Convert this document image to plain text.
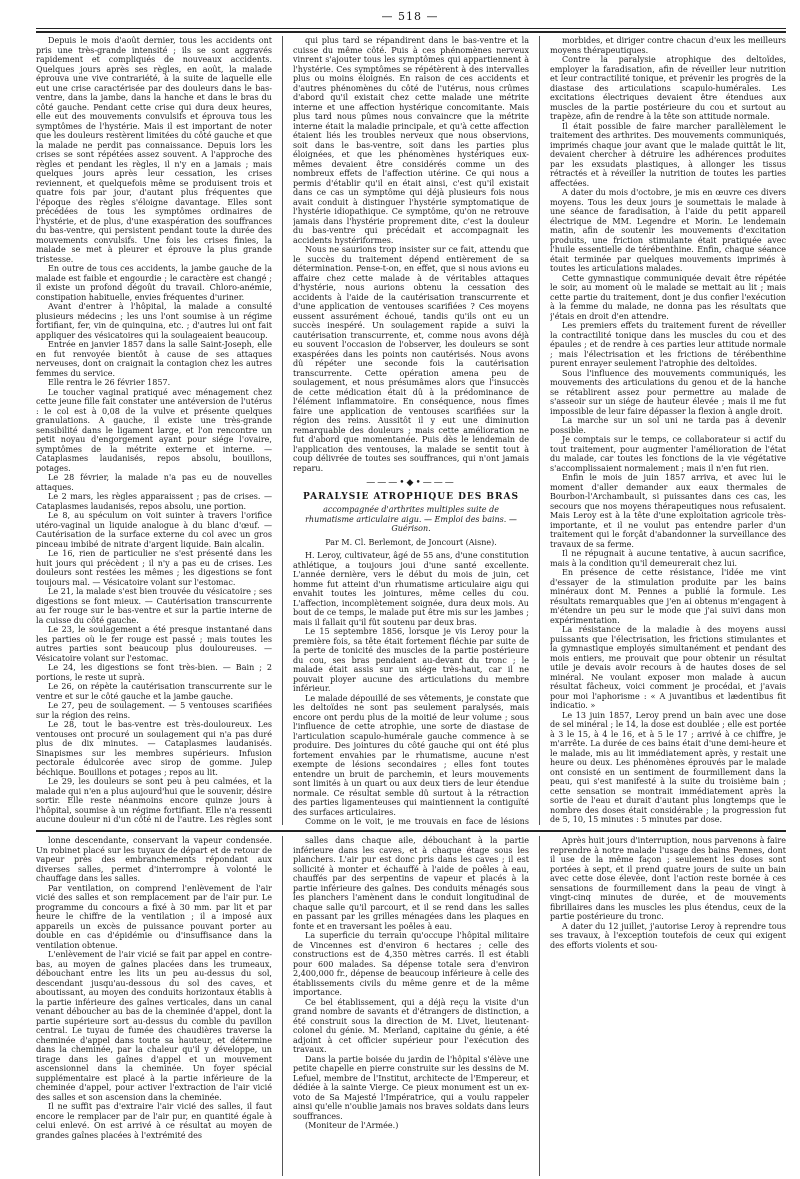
— 518 —

Depuis le mois d'août dernier, tous les accidents ont pris une très-grande intensité ; ils se sont aggravés rapidement et compliqués de nouveaux accidents. Quelques jours après ses règles, en août, la malade éprouva une vive contrariété, à la suite de laquelle elle eut une crise caractérisée par des douleurs dans le bas-ventre, dans la jambe, dans la hanche et dans le bras du côté gauche. Pendant cette crise qui dura deux heures, elle eut des mouvements convulsifs et éprouva tous les symptômes de l'hystérie. Mais il est important de noter que les douleurs restèrent limitées du côté gauche et que la malade ne perdit pas connaissance. Depuis lors les crises se sont répétées assez souvent. A l'approche des règles et pendant les règles, il n'y en a jamais ; mais quelques jours après leur cessation, les crises reviennent, et quelquefois même se produisent trois et quatre fois par jour, d'autant plus fréquentes que l'époque des règles s'éloigne davantage. Elles sont précédées de tous les symptômes ordinaires de l'hystérie, et de plus, d'une exaspération des souffrances du bas-ventre, qui persistent pendant toute la durée des mouvements convulsifs. Une fois les crises finies, la malade se met à pleurer et éprouve la plus grande tristesse.

En outre de tous ces accidents, la jambe gauche de la malade est faible et engourdie ; le caractère est changé ; il existe un profond dégoût du travail. Chloro-anémie, constipation habituelle, envies fréquentes d'uriner.

Avant d'entrer à l'hôpital, la malade a consulté plusieurs médecins ; les uns l'ont soumise à un régime fortifiant, fer, vin de quinquina, etc. ; d'autres lui ont fait appliquer des vésicatoires qui la soulageaient beaucoup.

Entrée en janvier 1857 dans la salle Saint-Joseph, elle en fut renvoyée bientôt à cause de ses attaques nerveuses, dont on craignait la contagion chez les autres femmes du service.

Elle rentra le 26 février 1857.

Le toucher vaginal pratiqué avec ménagement chez cette jeune fille fait constater une antéversion de l'utérus : le col est à 0,08 de la vulve et présente quelques granulations. A gauche, il existe une très-grande sensibilité dans le ligament large, et l'on rencontre un petit noyau d'engorgement ayant pour siége l'ovaire, symptômes de la métrite externe et interne. — Cataplasmes laudanisés, repos absolu, bouillons, potages.

Le 28 février, la malade n'a pas eu de nouvelles attaques.

Le 2 mars, les règles apparaissent ; pas de crises. — Cataplasmes laudanisés, repos absolu, une portion.

Le 8, au spéculum on voit suinter à travers l'orifice utéro-vaginal un liquide analogue à du blanc d'œuf. — Cautérisation de la surface externe du col avec un gros pinceau imbibé de nitrate d'argent liquide. Bain alcalin.

Le 16, rien de particulier ne s'est présenté dans les huit jours qui précèdent ; il n'y a pas eu de crises. Les douleurs sont restées les mêmes ; les digestions se font toujours mal. — Vésicatoire volant sur l'estomac.

Le 21, la malade s'est bien trouvée du vésicatoire ; ses digestions se font mieux. — Cautérisation transcurrente au fer rouge sur le bas-ventre et sur la partie interne de la cuisse du côté gauche.

Le 23, le soulagement a été presque instantané dans les parties où le fer rouge est passé ; mais toutes les autres parties sont beaucoup plus douloureuses. — Vésicatoire volant sur l'estomac.

Le 24, les digestions se font très-bien. — Bain ; 2 portions, le reste ut suprà.

Le 26, on répète la cautérisation transcurrente sur le ventre et sur le côté gauche et la jambe gauche.

Le 27, peu de soulagement. — 5 ventouses scarifiées sur la région des reins.

Le 28, tout le bas-ventre est très-douloureux. Les ventouses ont procuré un soulagement qui n'a pas duré plus de dix minutes. — Cataplasmes laudanisés. Sinapismes sur les membres supérieurs. Infusion pectorale édulcorée avec sirop de gomme. Julep béchique. Bouillons et potages ; repos au lit.

Le 29, les douleurs se sont peu à peu calmées, et la malade qui n'en a plus aujourd'hui que le souvenir, désire sortir. Elle reste néanmoins encore quinze jours à l'hôpital, soumise à un régime fortifiant. Elle n'a ressenti aucune douleur ni d'un côté ni de l'autre. Les règles sont

qui plus tard se répandirent dans le bas-ventre et la cuisse du même côté. Puis à ces phénomènes nerveux vinrent s'ajouter tous les symptômes qui appartiennent à l'hystérie. Ces symptômes se répétèrent à des intervalles plus ou moins éloignés. En raison de ces accidents et d'autres phénomènes du côté de l'utérus, nous crûmes d'abord qu'il existait chez cette malade une métrite interne et une affection hystérique concomitante. Mais plus tard nous pûmes nous convaincre que la métrite interne était la maladie principale, et qu'à cette affection étaient liés les troubles nerveux que nous observions, soit dans le bas-ventre, soit dans les parties plus éloignées, et que les phénomènes hystériques eux-mêmes devaient être considérés comme un des nombreux effets de l'affection utérine. Ce qui nous a permis d'établir qu'il en était ainsi, c'est qu'il existait dans ce cas un symptôme qui déjà plusieurs fois nous avait conduit à distinguer l'hystérie symptomatique de l'hystérie idiopathique. Ce symptôme, qu'on ne retrouve jamais dans l'hystérie proprement dite, c'est la douleur du bas-ventre qui précédait et accompagnait les accidents hystériformes.

Nous ne saurions trop insister sur ce fait, attendu que le succès du traitement dépend entièrement de sa détermination. Pense-t-on, en effet, que si nous avions eu affaire chez cette malade à de véritables attaques d'hystérie, nous aurions obtenu la cessation des accidents à l'aide de la cautérisation transcurrente et d'une application de ventouses scarifiées ? Ces moyens eussent assurément échoué, tandis qu'ils ont eu un succès inespéré. Un soulagement rapide a suivi la cautérisation transcurrente, et, comme nous avons déjà eu souvent l'occasion de l'observer, les douleurs se sont exaspérées dans les points non cautérisés. Nous avons dû répéter une seconde fois la cautérisation transcurrente. Cette opération amena peu de soulagement, et nous présumâmes alors que l'insuccès de cette médication était dû à la prédominance de l'élément inflammatoire. En conséquence, nous fîmes faire une application de ventouses scarifiées sur la région des reins. Aussitôt il y eut une diminution remarquable des douleurs ; mais cette amélioration ne fut d'abord que momentanée. Puis dès le lendemain de l'application des ventouses, la malade se sentit tout à coup délivrée de toutes ses souffrances, qui n'ont jamais reparu.

———•◆•———
PARALYSIE ATROPHIQUE DES BRAS
accompagnée d'arthrites multiples suite de rhumatisme articulaire aigu. — Emploi des bains. — Guérison.
Par M. Cl. Berlemont, de Joncourt (Aisne).

H. Leroy, cultivateur, âgé de 55 ans, d'une constitution athlétique, a toujours joui d'une santé excellente. L'année dernière, vers le début du mois de juin, cet homme fut atteint d'un rhumatisme articulaire aigu qui envahit toutes les jointures, même celles du cou. L'affection, incomplètement soignée, dura deux mois. Au bout de ce temps, le malade put être mis sur les jambes ; mais il fallait qu'il fût soutenu par deux bras.

Le 15 septembre 1856, lorsque je vis Leroy pour la première fois, sa tête était fortement fléchie par suite de la perte de tonicité des muscles de la partie postérieure du cou, ses bras pendaient au-devant du tronc ; le malade était assis sur un siége très-haut, car il ne pouvait ployer aucune des articulations du membre inférieur.

Le malade dépouillé de ses vêtements, je constate que les deltoïdes ne sont pas seulement paralysés, mais encore ont perdu plus de la moitié de leur volume ; sous l'influence de cette atrophie, une sorte de diastase de l'articulation scapulo-humérale gauche commence à se produire. Des jointures du côté gauche qui ont été plus fortement envahies par le rhumatisme, aucune n'est exempte de lésions secondaires ; elles font toutes entendre un bruit de parchemin, et leurs mouvements sont limités à un quart ou aux deux tiers de leur étendue normale. Ce résultat semble dû surtout à la rétraction des parties ligamenteuses qui maintiennent la contiguïté des surfaces articulaires.

Comme on le voit, je me trouvais en face de lésions

morbides, et diriger contre chacun d'eux les meilleurs moyens thérapeutiques.

Contre la paralysie atrophique des deltoïdes, employer la faradisation, afin de réveiller leur nutrition et leur contractilité tonique, et prévenir les progrès de la diastase des articulations scapulo-humérales. Les excitations électriques devaient être étendues aux muscles de la partie postérieure du cou et surtout au trapèze, afin de rendre à la tête son attitude normale.

Il était possible de faire marcher parallèlement le traitement des arthrites. Des mouvements communiqués, imprimés chaque jour avant que le malade quittât le lit, devaient chercher à détruire les adhérences produites par les exsudats plastiques, à allonger les tissus rétractés et à réveiller la nutrition de toutes les parties affectées.

A dater du mois d'octobre, je mis en œuvre ces divers moyens. Tous les deux jours je soumettais le malade à une séance de faradisation, à l'aide du petit appareil électrique de MM. Legendre et Morin. Le lendemain matin, afin de soutenir les mouvements d'excitation produits, une friction stimulante était pratiquée avec l'huile essentielle de térébenthine. Enfin, chaque séance était terminée par quelques mouvements imprimés à toutes les articulations malades.

Cette gymnastique communiquée devait être répétée le soir, au moment où le malade se mettait au lit ; mais cette partie du traitement, dont je dus confier l'exécution à la femme du malade, ne donna pas les résultats que j'étais en droit d'en attendre.

Les premiers effets du traitement furent de réveiller la contractilité tonique dans les muscles du cou et des épaules ; et de rendre à ces parties leur attitude normale ; mais l'électrisation et les frictions de térébenthine purent enrayer seulement l'atrophie des deltoïdes.

Sous l'influence des mouvements communiqués, les mouvements des articulations du genou et de la hanche se rétablirent assez pour permettre au malade de s'asseoir sur un siége de hauteur élevée ; mais il me fut impossible de leur faire dépasser la flexion à angle droit.

La marche sur un sol uni ne tarda pas à devenir possible.

Je comptais sur le temps, ce collaborateur si actif du tout traitement, pour augmenter l'amélioration de l'état du malade, car toutes les fonctions de la vie végétative s'accomplissaient normalement ; mais il n'en fut rien.

Enfin le mois de juin 1857 arriva, et avec lui le moment d'aller demander aux eaux thermales de Bourbon-l'Archambault, si puissantes dans ces cas, les secours que nos moyens thérapeutiques nous refusaient. Mais Leroy est à la tête d'une exploitation agricole très-importante, et il ne voulut pas entendre parler d'un traitement qui le forçât d'abandonner la surveillance des travaux de sa ferme.

Il ne répugnait à aucune tentative, à aucun sacrifice, mais à la condition qu'il demeurerait chez lui.

En présence de cette résistance, l'idée me vint d'essayer de la stimulation produite par les bains minéraux dont M. Pennes a publié la formule. Les résultats remarquables que j'en ai obtenus m'engagent à m'étendre un peu sur le mode que j'ai suivi dans mon expérimentation.

La résistance de la maladie à des moyens aussi puissants que l'électrisation, les frictions stimulantes et la gymnastique employés simultanément et pendant des mois entiers, me prouvait que pour obtenir un résultat utile je devais avoir recours à de hautes doses de sel minéral. Ne voulant exposer mon malade à aucun résultat fâcheux, voici comment je procédai, et j'avais pour moi l'aphorisme : « A juvantibus et lædentibus fit indicatio. »

Le 13 juin 1857, Leroy prend un bain avec une dose de sel minéral ; le 14, la dose est doublée ; elle est portée à 3 le 15, à 4 le 16, et à 5 le 17 ; arrivé à ce chiffre, je m'arrête. La durée de ces bains était d'une demi-heure et le malade, mis au lit immédiatement après, y restait une heure ou deux. Les phénomènes éprouvés par le malade ont consisté en un sentiment de fourmillement dans la peau, qui s'est manifesté à la suite du troisième bain ; cette sensation se montrait immédiatement après la sortie de l'eau et durait d'autant plus longtemps que le nombre des doses était considérable ; la progression fut de 5, 10, 15 minutes : 5 minutes par dose.

lonne descendante, conservant la vapeur condensée. Un robinet placé sur les tuyaux de départ et de retour de vapeur près des embranchements répondant aux diverses salles, permet d'interrompre à volonté le chauffage dans les salles.

Par ventilation, on comprend l'enlèvement de l'air vicié des salles et son remplacement par de l'air pur. Le programme du concours a fixé à 30 mm. par lit et par heure le chiffre de la ventilation ; il a imposé aux appareils un excès de puissance pouvant porter au double en cas d'épidémie ou d'insuffisance dans la ventilation obtenue.

L'enlèvement de l'air vicié se fait par appel en contre-bas, au moyen de gaînes placées dans les trumeaux, débouchant entre les lits un peu au-dessus du sol, descendant jusqu'au-dessous du sol des caves, et aboutissant, au moyen des conduits horizontaux établis à la partie inférieure des gaînes verticales, dans un canal venant déboucher au bas de la cheminée d'appel, dont la partie supérieure sort au-dessus du comble du pavillon central. Le tuyau de fumée des chaudières traverse la cheminée d'appel dans toute sa hauteur, et détermine dans la cheminée, par la chaleur qu'il y développe, un tirage dans les gaînes d'appel et un mouvement ascensionnel dans la cheminée. Un foyer spécial supplémentaire est placé à la partie inférieure de la cheminée d'appel, pour activer l'extraction de l'air vicié des salles et son ascension dans la cheminée.

Il ne suffit pas d'extraire l'air vicié des salles, il faut encore le remplacer par de l'air pur, en quantité égale à celui enlevé. On est arrivé à ce résultat au moyen de grandes gaînes placées à l'extrémité des

salles dans chaque aile, débouchant à la partie inférieure dans les caves, et à chaque étage sous les planchers. L'air pur est donc pris dans les caves ; il est sollicité à monter et échauffé à l'aide de poêles à eau, chauffés par des serpentins de vapeur et placés à la partie inférieure des gaînes. Des conduits ménagés sous les planchers l'amènent dans le conduit longitudinal de chaque salle qu'il parcourt, et il se rend dans les salles en passant par les grilles ménagées dans les plaques en fonte et en traversant les poêles à eau.

La superficie du terrain qu'occupe l'hôpital militaire de Vincennes est d'environ 6 hectares ; celle des constructions est de 4,350 mètres carrés. Il est établi pour 600 malades. Sa dépense totale sera d'environ 2,400,000 fr., dépense de beaucoup inférieure à celle des établissements civils du même genre et de la même importance.

Ce bel établissement, qui a déjà reçu la visite d'un grand nombre de savants et d'étrangers de distinction, a été construit sous la direction de M. Livet, lieutenant-colonel du génie. M. Merland, capitaine du génie, a été adjoint à cet officier supérieur pour l'exécution des travaux.

Dans la partie boisée du jardin de l'hôpital s'élève une petite chapelle en pierre construite sur les dessins de M. Lefuel, membre de l'Institut, architecte de l'Empereur, et dédiée à la sainte Vierge. Ce pieux monument est un ex-voto de Sa Majesté l'Impératrice, qui a voulu rappeler ainsi qu'elle n'oublie jamais nos braves soldats dans leurs souffrances.

(Moniteur de l'Armée.)

Après huit jours d'interruption, nous parvenons à faire reprendre à notre malade l'usage des bains Pennes, dont il use de la même façon ; seulement les doses sont portées à sept, et il prend quatre jours de suite un bain avec cette dose élevée, dont l'action reste bornée à ces sensations de fourmillement dans la peau de vingt à vingt-cinq minutes de durée, et de mouvements fibrillaires dans les muscles les plus étendus, ceux de la partie postérieure du tronc.

A dater du 12 juillet, j'autorise Leroy à reprendre tous ses travaux, à l'exception toutefois de ceux qui exigent des efforts violents et sou-
